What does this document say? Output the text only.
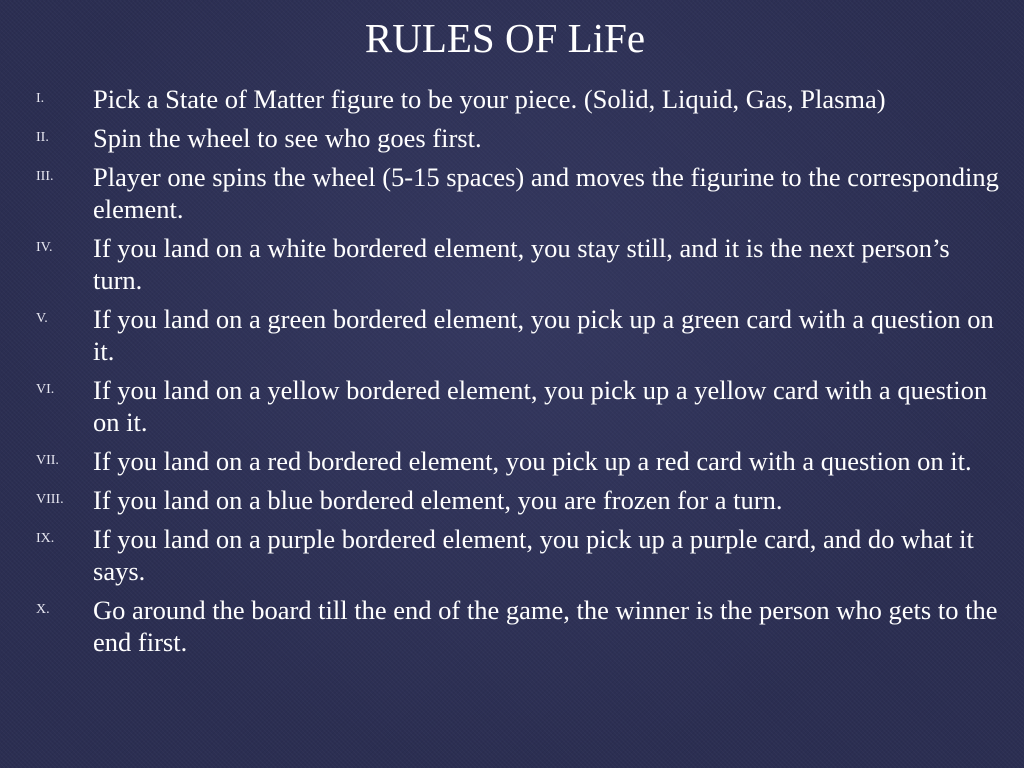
RULES OF LiFe
I. Pick a State of Matter figure to be your piece. (Solid, Liquid, Gas, Plasma)
II. Spin the wheel to see who goes first.
III. Player one spins the wheel (5-15 spaces) and moves the figurine to the corresponding element.
IV. If you land on a white bordered element, you stay still, and it is the next person’s turn.
V. If you land on a green bordered element, you pick up a green card with a question on it.
VI. If you land on a yellow bordered element, you pick up a yellow card with a question on it.
VII. If you land on a red bordered element, you pick up a red card with a question on it.
VIII. If you land on a blue bordered element, you are frozen for a turn.
IX. If you land on a purple bordered element, you pick up a purple card, and do what it says.
X. Go around the board till the end of the game, the winner is the person who gets to the end first.
